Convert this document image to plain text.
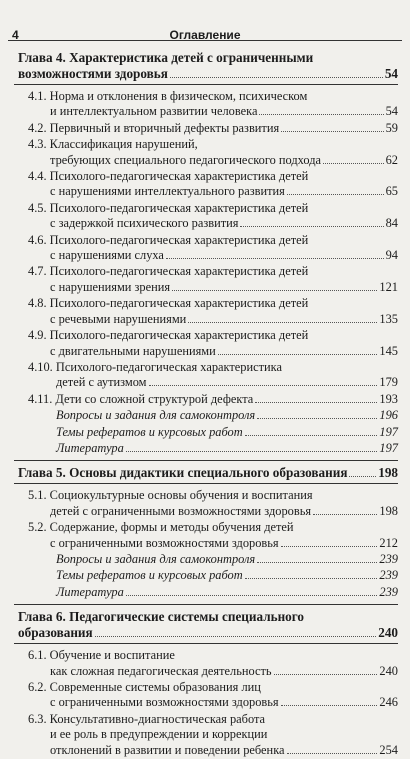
4	Оглавление
Глава 4. Характеристика детей с ограниченными
возможностями здоровья	54
4.1. Норма и отклонения в физическом, психическом
и интеллектуальном развитии человека	54
4.2. Первичный и вторичный дефекты развития	59
4.3. Классификация нарушений,
требующих специального педагогического подхода	62
4.4. Психолого-педагогическая характеристика детей
с нарушениями интеллектуального развития	65
4.5. Психолого-педагогическая характеристика детей
с задержкой психического развития	84
4.6. Психолого-педагогическая характеристика детей
с нарушениями слуха	94
4.7. Психолого-педагогическая характеристика детей
с нарушениями зрения	121
4.8. Психолого-педагогическая характеристика детей
с речевыми нарушениями	135
4.9. Психолого-педагогическая характеристика детей
с двигательными нарушениями	145
4.10. Психолого-педагогическая характеристика
детей с аутизмом	179
4.11. Дети со сложной структурой дефекта	193
Вопросы и задания для самоконтроля	196
Темы рефератов и курсовых работ	197
Литература	197
Глава 5. Основы дидактики специального образования 198
5.1. Социокультурные основы обучения и воспитания
детей с ограниченными возможностями здоровья	198
5.2. Содержание, формы и методы обучения детей
с ограниченными возможностями здоровья	212
Вопросы и задания для самоконтроля	239
Темы рефератов и курсовых работ	239
Литература	239
Глава 6. Педагогические системы специального
образования	240
6.1. Обучение и воспитание
как сложная педагогическая деятельность	240
6.2. Современные системы образования лиц
с ограниченными возможностями здоровья	246
6.3. Консультативно-диагностическая работа
и ее роль в предупреждении и коррекции
отклонений в развитии и поведении ребенка	254
